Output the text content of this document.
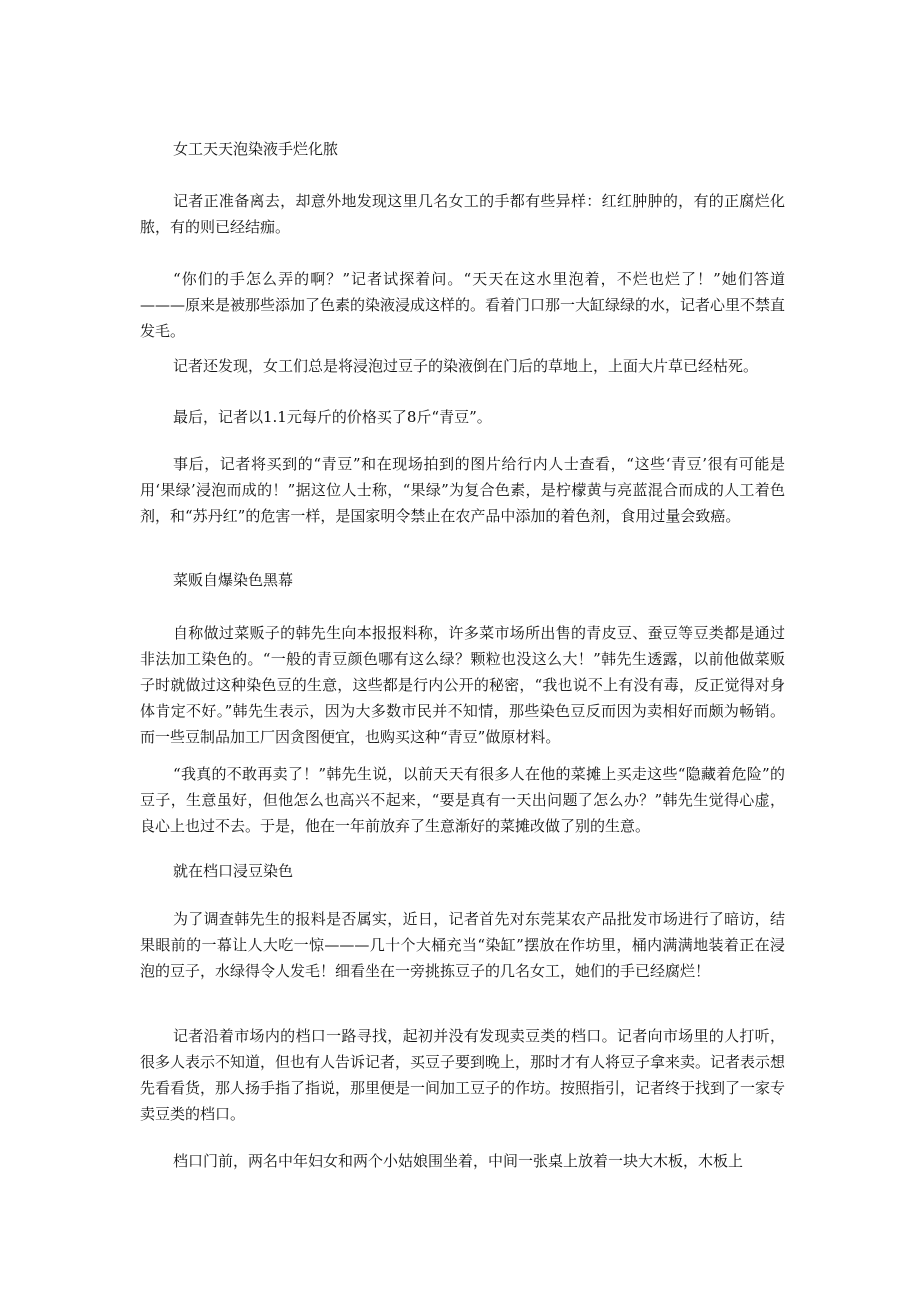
女工天天泡染液手烂化脓

记者正准备离去，却意外地发现这里几名女工的手都有些异样：红红肿肿的，有的正腐烂化脓，有的则已经结痂。

“你们的手怎么弄的啊？”记者试探着问。“天天在这水里泡着，不烂也烂了！”她们答道———原来是被那些添加了色素的染液浸成这样的。看着门口那一大缸绿绿的水，记者心里不禁直发毛。

记者还发现，女工们总是将浸泡过豆子的染液倒在门后的草地上，上面大片草已经枯死。

最后，记者以1.1元每斤的价格买了8斤“青豆”。

事后，记者将买到的“青豆”和在现场拍到的图片给行内人士查看，“这些‘青豆’很有可能是用‘果绿’浸泡而成的！”据这位人士称，“果绿”为复合色素，是柠檬黄与亮蓝混合而成的人工着色剂，和“苏丹红”的危害一样，是国家明令禁止在农产品中添加的着色剂，食用过量会致癌。

菜贩自爆染色黑幕

自称做过菜贩子的韩先生向本报报料称，许多菜市场所出售的青皮豆、蚕豆等豆类都是通过非法加工染色的。“一般的青豆颜色哪有这么绿？颗粒也没这么大！”韩先生透露，以前他做菜贩子时就做过这种染色豆的生意，这些都是行内公开的秘密，“我也说不上有没有毒，反正觉得对身体肯定不好。”韩先生表示，因为大多数市民并不知情，那些染色豆反而因为卖相好而颇为畅销。而一些豆制品加工厂因贪图便宜，也购买这种“青豆”做原材料。

“我真的不敢再卖了！”韩先生说，以前天天有很多人在他的菜摊上买走这些“隐藏着危险”的豆子，生意虽好，但他怎么也高兴不起来，“要是真有一天出问题了怎么办？”韩先生觉得心虚，良心上也过不去。于是，他在一年前放弃了生意渐好的菜摊改做了别的生意。

就在档口浸豆染色

为了调查韩先生的报料是否属实，近日，记者首先对东莞某农产品批发市场进行了暗访，结果眼前的一幕让人大吃一惊———几十个大桶充当“染缸”摆放在作坊里，桶内满满地装着正在浸泡的豆子，水绿得令人发毛！细看坐在一旁挑拣豆子的几名女工，她们的手已经腐烂！

记者沿着市场内的档口一路寻找，起初并没有发现卖豆类的档口。记者向市场里的人打听，很多人表示不知道，但也有人告诉记者，买豆子要到晚上，那时才有人将豆子拿来卖。记者表示想先看看货，那人扬手指了指说，那里便是一间加工豆子的作坊。按照指引，记者终于找到了一家专卖豆类的档口。

档口门前，两名中年妇女和两个小姑娘围坐着，中间一张桌上放着一块大木板，木板上
